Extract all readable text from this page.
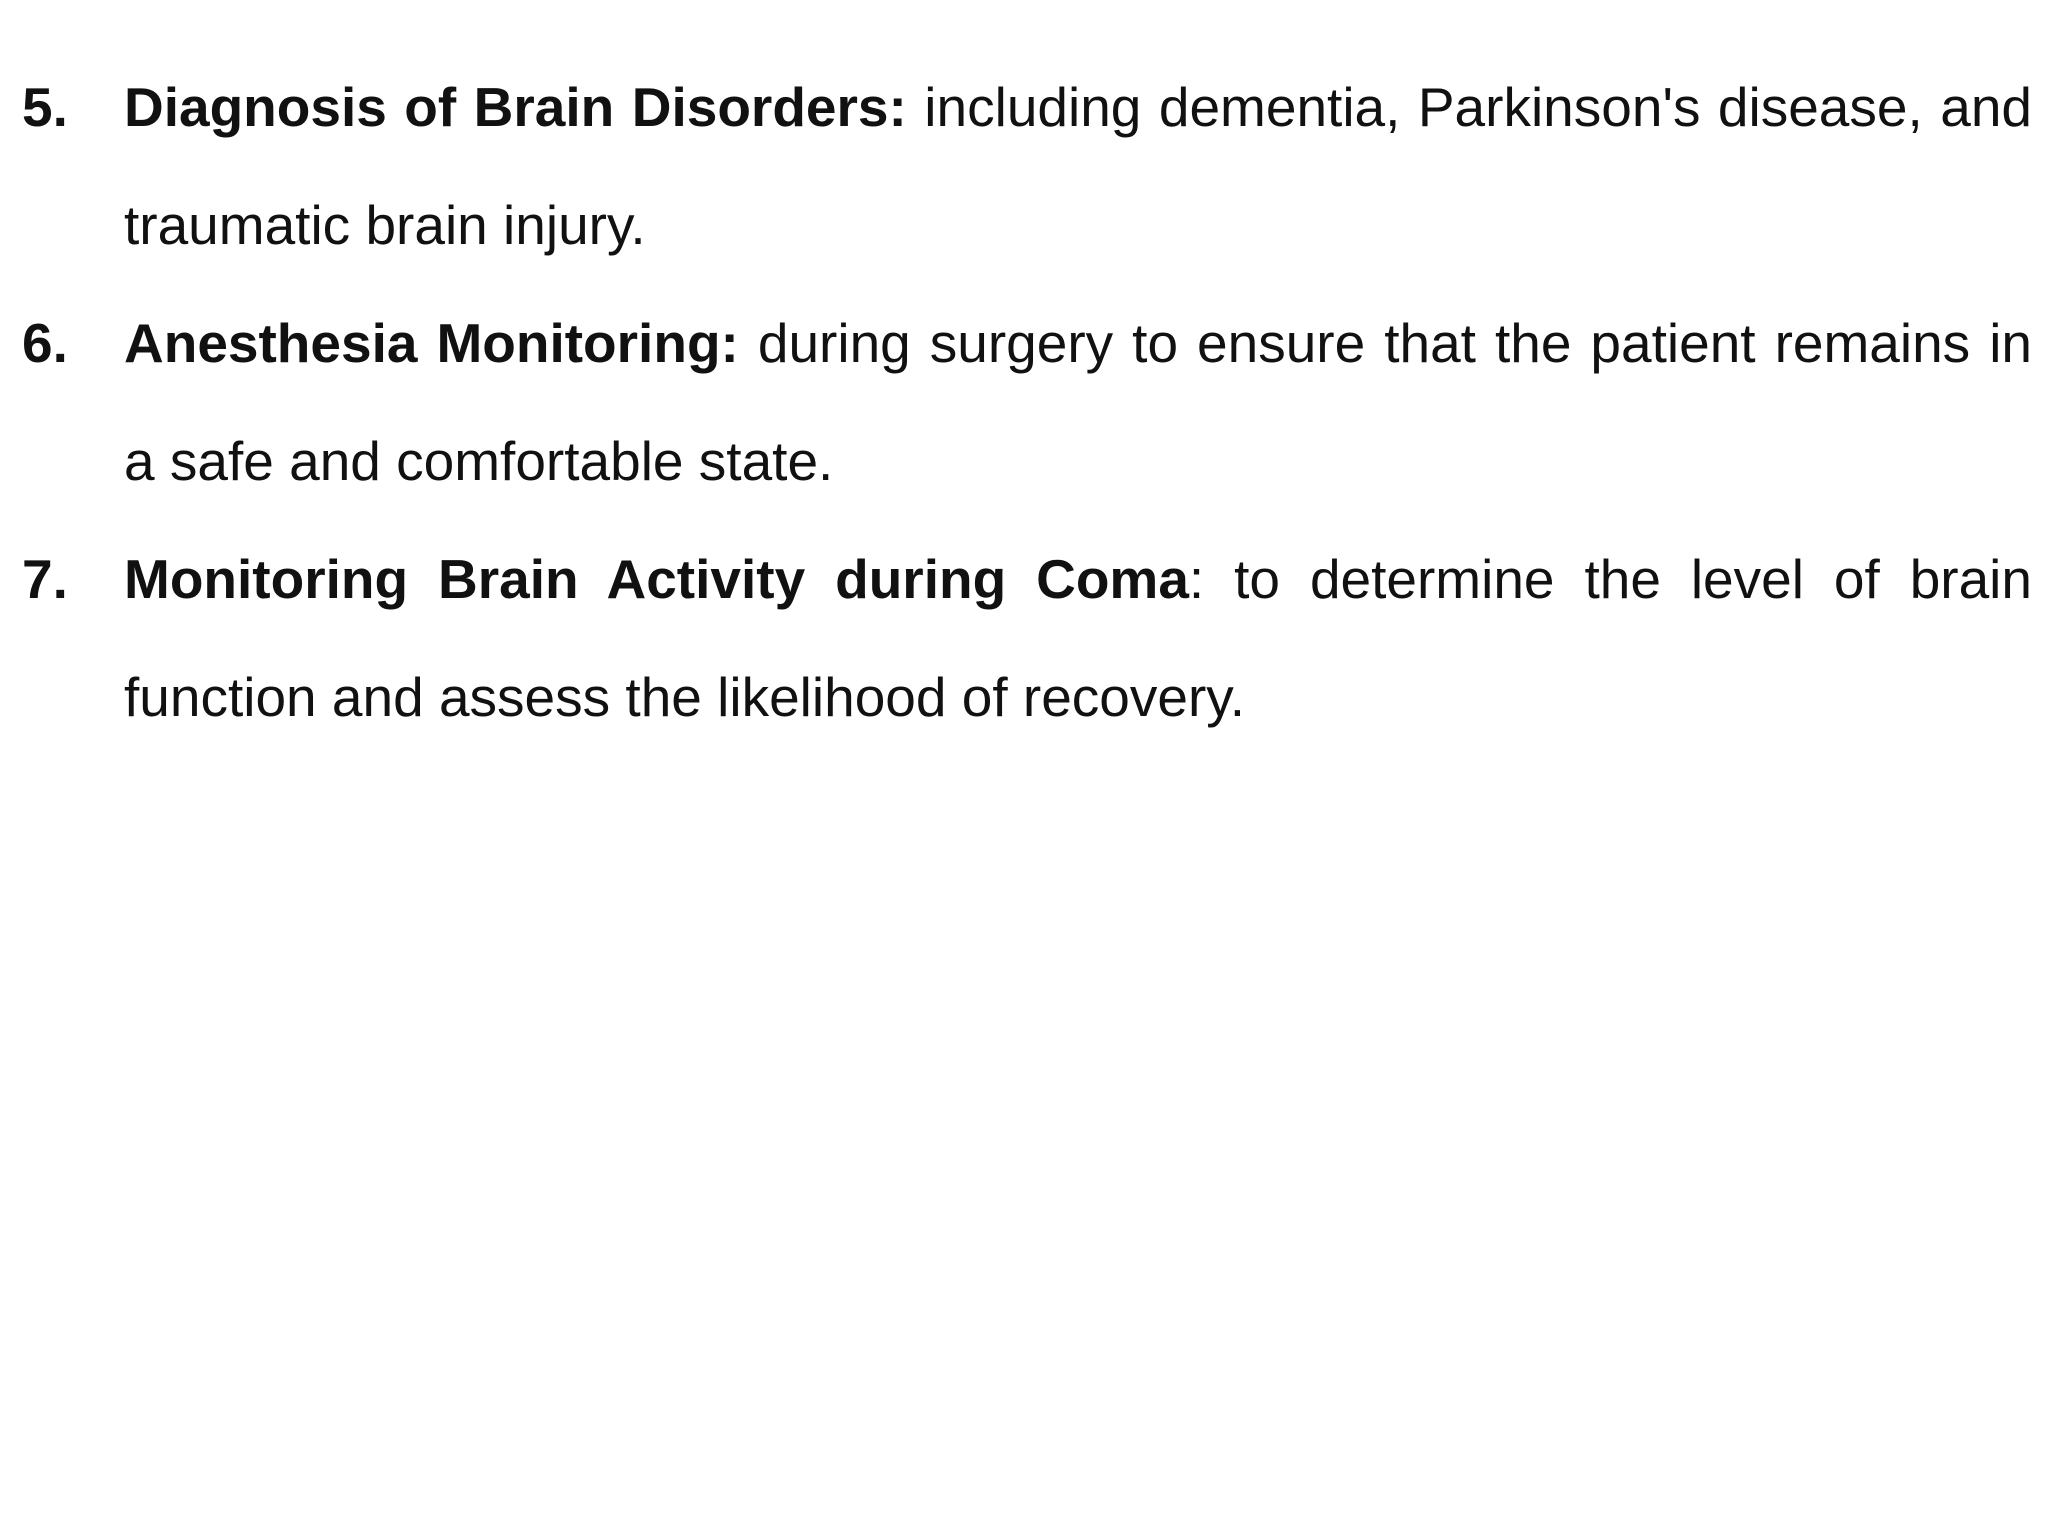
5. Diagnosis of Brain Disorders: including dementia, Parkinson's disease, and traumatic brain injury.
6. Anesthesia Monitoring: during surgery to ensure that the patient remains in a safe and comfortable state.
7. Monitoring Brain Activity during Coma: to determine the level of brain function and assess the likelihood of recovery.
